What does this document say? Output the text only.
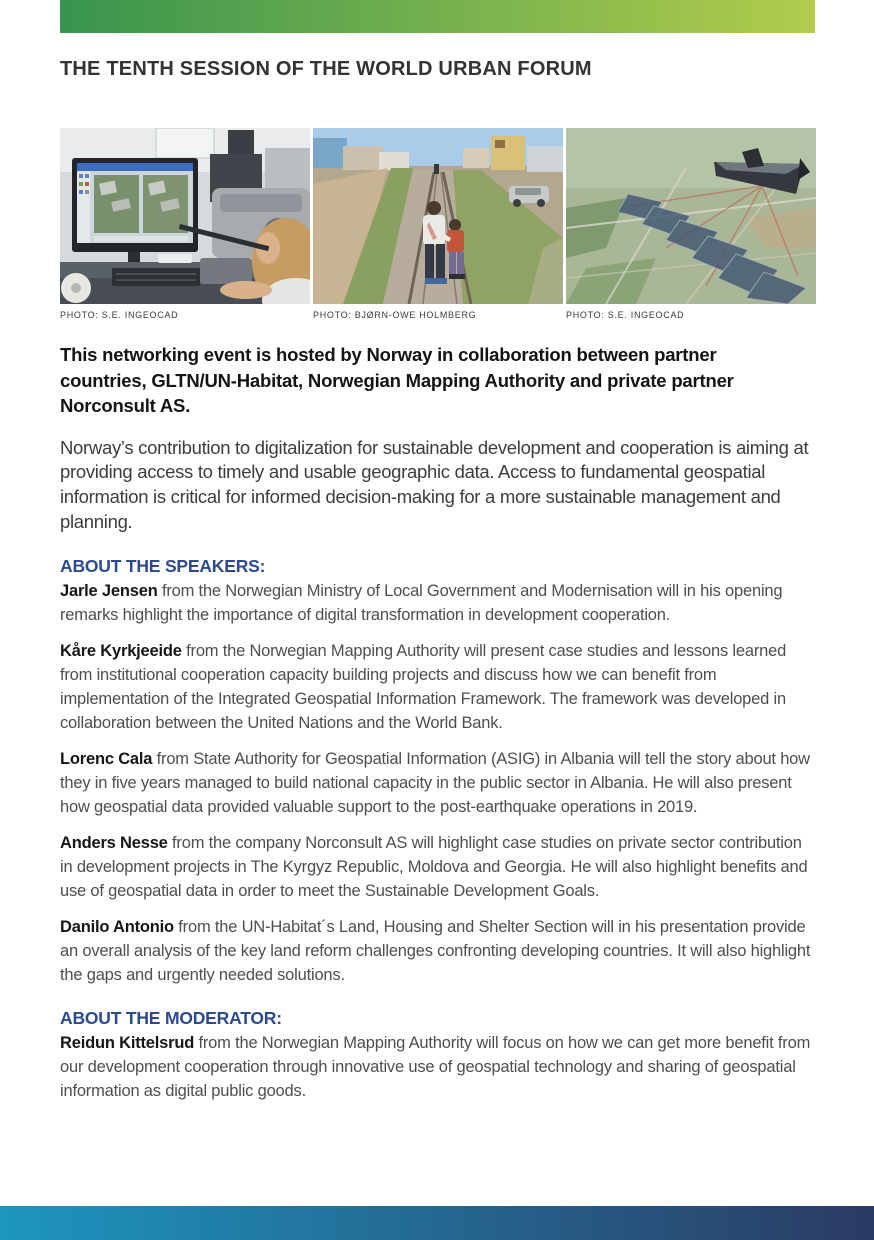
THE TENTH SESSION OF THE WORLD URBAN FORUM
PHOTO: S.E. INGEOCAD	PHOTO: BJØRN-OWE HOLMBERG	PHOTO: S.E. INGEOCAD

This networking event is hosted by Norway in collaboration between partner countries, GLTN/UN-Habitat, Norwegian Mapping Authority and private partner Norconsult AS.

Norway’s contribution to digitalization for sustainable development and cooperation is aiming at providing access to timely and usable geographic data. Access to fundamental geospatial information is critical for informed decision-making for a more sustainable management and planning.

ABOUT THE SPEAKERS:

Jarle Jensen from the Norwegian Ministry of Local Government and Modernisation will in his opening remarks highlight the importance of digital transformation in development cooperation.

Kåre Kyrkjeeide from the Norwegian Mapping Authority will present case studies and lessons learned from institutional cooperation capacity building projects and discuss how we can benefit from implementation of the Integrated Geospatial Information Framework. The framework was developed in collaboration between the United Nations and the World Bank.

Lorenc Cala from State Authority for Geospatial Information (ASIG) in Albania will tell the story about how they in five years managed to build national capacity in the public sector in Albania. He will also present how geospatial data provided valuable support to the post-earthquake operations in 2019.

Anders Nesse from the company Norconsult AS will highlight case studies on private sector contribution in development projects in The Kyrgyz Republic, Moldova and Georgia. He will also highlight benefits and use of geospatial data in order to meet the Sustainable Development Goals.

Danilo Antonio from the UN-Habitat´s Land, Housing and Shelter Section will in his presentation provide an overall analysis of the key land reform challenges confronting developing countries. It will also highlight the gaps and urgently needed solutions.

ABOUT THE MODERATOR:

Reidun Kittelsrud from the Norwegian Mapping Authority will focus on how we can get more benefit from our development cooperation through innovative use of geospatial technology and sharing of geospatial information as digital public goods.
